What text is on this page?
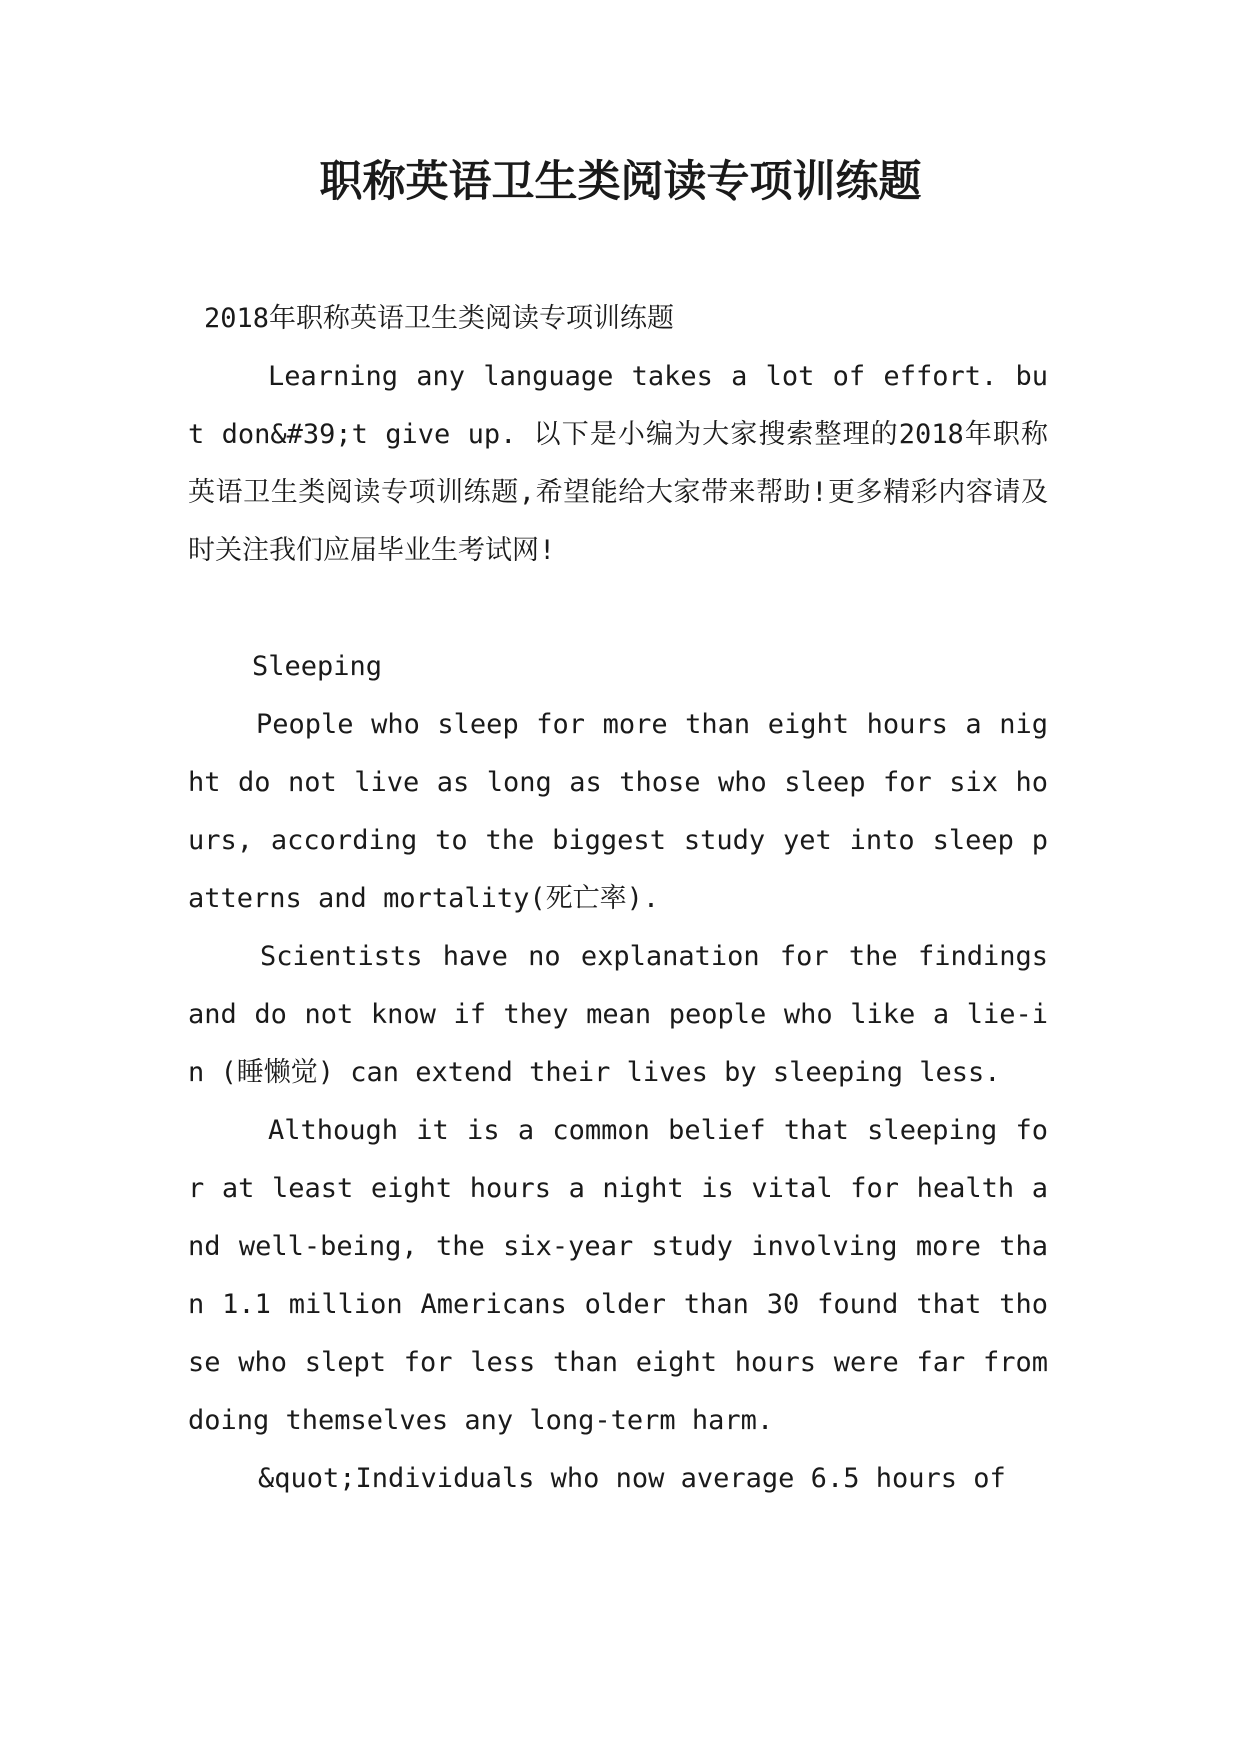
职称英语卫生类阅读专项训练题

2018年职称英语卫生类阅读专项训练题

Learning any language takes a lot of effort. but don&#39;t give up. 以下是小编为大家搜索整理的2018年职称英语卫生类阅读专项训练题,希望能给大家带来帮助!更多精彩内容请及时关注我们应届毕业生考试网!

Sleeping

People who sleep for more than eight hours a night do not live as long as those who sleep for six hours, according to the biggest study yet into sleep patterns and mortality(死亡率).

Scientists have no explanation for the findings and do not know if they mean people who like a lie-in (睡懒觉) can extend their lives by sleeping less.

Although it is a common belief that sleeping for at least eight hours a night is vital for health and well-being, the six-year study involving more than 1.1 million Americans older than 30 found that those who slept for less than eight hours were far from doing themselves any long-term harm.

&quot;Individuals who now average 6.5 hours of
